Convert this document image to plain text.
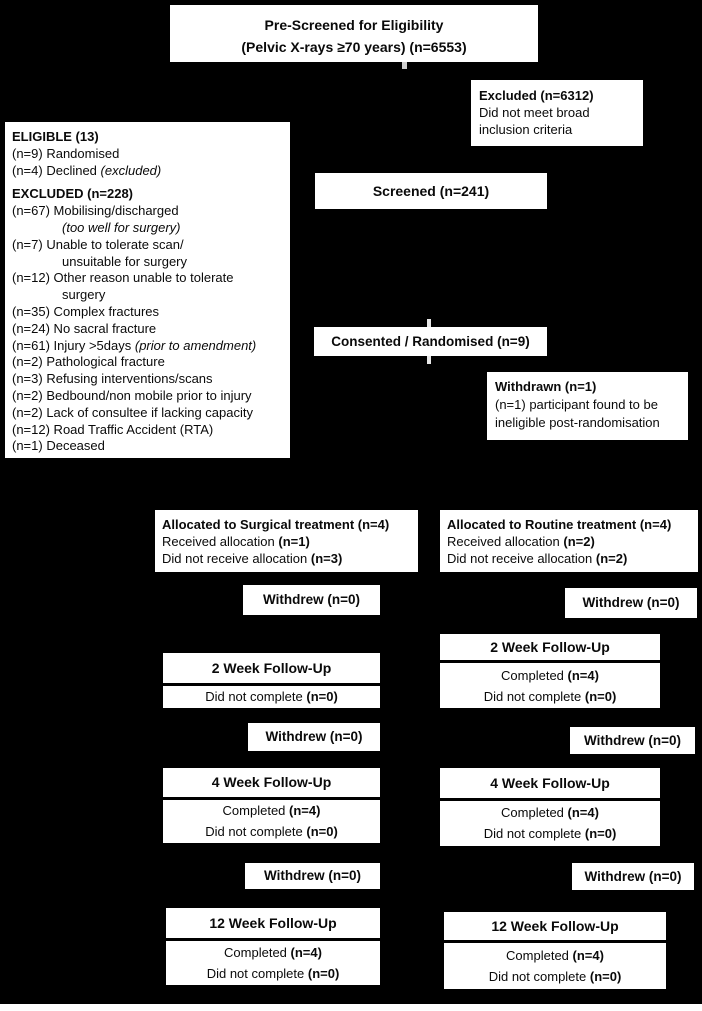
Pre-Screened for Eligibility
(Pelvic X-rays ≥70 years) (n=6553)
Excluded (n=6312)
Did not meet broad inclusion criteria
ELIGIBLE (13)
(n=9) Randomised
(n=4) Declined (excluded)
EXCLUDED (n=228)
(n=67) Mobilising/discharged
(too well for surgery)
(n=7) Unable to tolerate scan/
unsuitable for surgery
(n=12) Other reason unable to tolerate
surgery
(n=35) Complex fractures
(n=24) No sacral fracture
(n=61) Injury >5days (prior to amendment)
(n=2) Pathological fracture
(n=3) Refusing interventions/scans
(n=2) Bedbound/non mobile prior to injury
(n=2) Lack of consultee if lacking capacity
(n=12) Road Traffic Accident (RTA)
(n=1) Deceased
Screened (n=241)
Consented / Randomised (n=9)
Withdrawn (n=1)
(n=1) participant found to be ineligible post-randomisation
Allocated to Surgical treatment (n=4)
Received allocation (n=1)
Did not receive allocation (n=3)
Allocated to Routine treatment (n=4)
Received allocation (n=2)
Did not receive allocation (n=2)
Withdrew (n=0)	Withdrew (n=0)
2 Week Follow-Up
Did not complete (n=0)
2 Week Follow-Up
Completed (n=4)
Did not complete (n=0)
Withdrew (n=0)	Withdrew (n=0)
4 Week Follow-Up
Completed (n=4)
Did not complete (n=0)
4 Week Follow-Up
Completed (n=4)
Did not complete (n=0)
Withdrew (n=0)	Withdrew (n=0)
12 Week Follow-Up
Completed (n=4)
Did not complete (n=0)
12 Week Follow-Up
Completed (n=4)
Did not complete (n=0)
